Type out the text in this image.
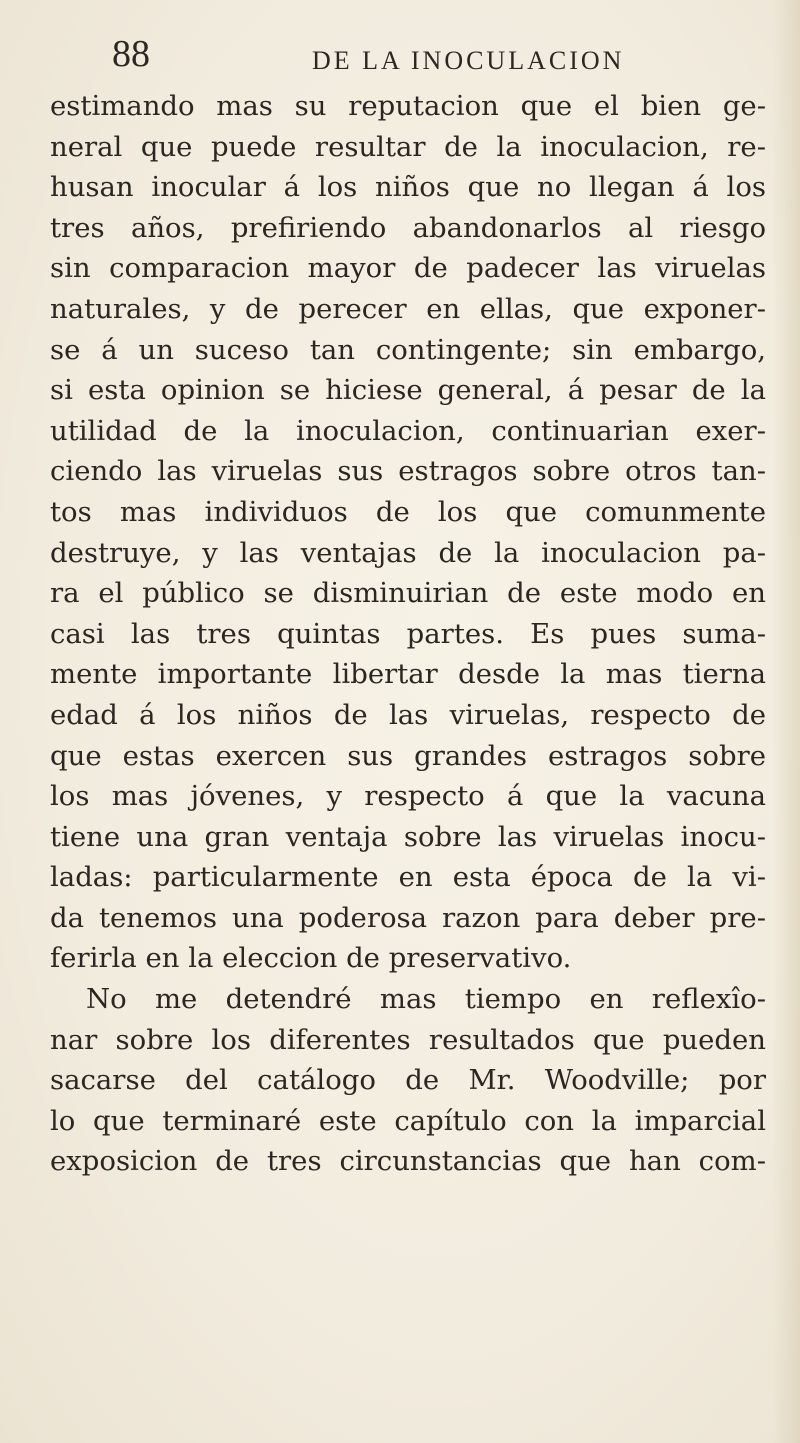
88	DE LA INOCULACION
estimando mas su reputacion que el bien ge-
neral que puede resultar de la inoculacion, re-
husan inocular á los niños que no llegan á los
tres años, prefiriendo abandonarlos al riesgo
sin comparacion mayor de padecer las viruelas
naturales, y de perecer en ellas, que exponer-
se á un suceso tan contingente; sin embargo,
si esta opinion se hiciese general, á pesar de la
utilidad de la inoculacion, continuarian exer-
ciendo las viruelas sus estragos sobre otros tan-
tos mas individuos de los que comunmente
destruye, y las ventajas de la inoculacion pa-
ra el público se disminuirian de este modo en
casi las tres quintas partes. Es pues suma-
mente importante libertar desde la mas tierna
edad á los niños de las viruelas, respecto de
que estas exercen sus grandes estragos sobre
los mas jóvenes, y respecto á que la vacuna
tiene una gran ventaja sobre las viruelas inocu-
ladas: particularmente en esta época de la vi-
da tenemos una poderosa razon para deber pre-
ferirla en la eleccion de preservativo.
No me detendré mas tiempo en reflexîo-
nar sobre los diferentes resultados que pueden
sacarse del catálogo de Mr. Woodville; por
lo que terminaré este capítulo con la imparcial
exposicion de tres circunstancias que han com-
